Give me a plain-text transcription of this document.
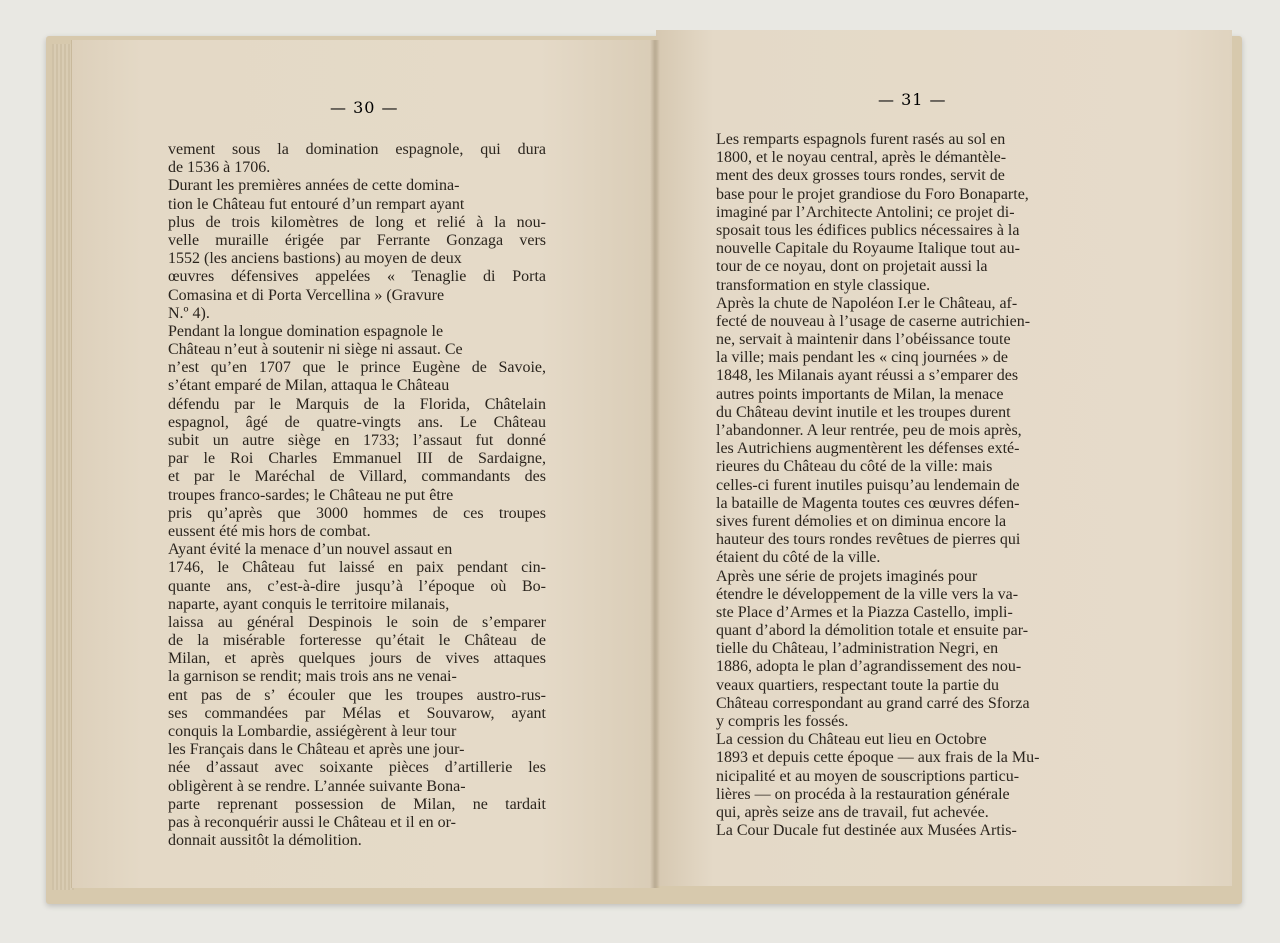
— 30 —	— 31 —
vement sous la domination espagnole, qui dura
de 1536 à 1706.
Durant les premières années de cette domina-
tion le Château fut entouré d’un rempart ayant
plus de trois kilomètres de long et relié à la nou-
velle muraille érigée par Ferrante Gonzaga vers
1552 (les anciens bastions) au moyen de deux
œuvres défensives appelées « Tenaglie di Porta
Comasina et di Porta Vercellina » (Gravure
N.º 4).
Pendant la longue domination espagnole le
Château n’eut à soutenir ni siège ni assaut. Ce
n’est qu’en 1707 que le prince Eugène de Savoie,
s’étant emparé de Milan, attaqua le Château
défendu par le Marquis de la Florida, Châtelain
espagnol, âgé de quatre-vingts ans. Le Château
subit un autre siège en 1733; l’assaut fut donné
par le Roi Charles Emmanuel III de Sardaigne,
et par le Maréchal de Villard, commandants des
troupes franco-sardes; le Château ne put être
pris qu’après que 3000 hommes de ces troupes
eussent été mis hors de combat.
Ayant évité la menace d’un nouvel assaut en
1746, le Château fut laissé en paix pendant cin-
quante ans, c’est-à-dire jusqu’à l’époque où Bo-
naparte, ayant conquis le territoire milanais,
laissa au général Despinois le soin de s’emparer
de la misérable forteresse qu’était le Château de
Milan, et après quelques jours de vives attaques
la garnison se rendit; mais trois ans ne venai-
ent pas de s’ écouler que les troupes austro-rus-
ses commandées par Mélas et Souvarow, ayant
conquis la Lombardie, assiégèrent à leur tour
les Français dans le Château et après une jour-
née d’assaut avec soixante pièces d’artillerie les
obligèrent à se rendre. L’année suivante Bona-
parte reprenant possession de Milan, ne tardait
pas à reconquérir aussi le Château et il en or-
donnait aussitôt la démolition.
Les remparts espagnols furent rasés au sol en
1800, et le noyau central, après le démantèle-
ment des deux grosses tours rondes, servit de
base pour le projet grandiose du Foro Bonaparte,
imaginé par l’Architecte Antolini; ce projet di-
sposait tous les édifices publics nécessaires à la
nouvelle Capitale du Royaume Italique tout au-
tour de ce noyau, dont on projetait aussi la
transformation en style classique.
Après la chute de Napoléon I.er le Château, af-
fecté de nouveau à l’usage de caserne autrichien-
ne, servait à maintenir dans l’obéissance toute
la ville; mais pendant les « cinq journées » de
1848, les Milanais ayant réussi a s’emparer des
autres points importants de Milan, la menace
du Château devint inutile et les troupes durent
l’abandonner. A leur rentrée, peu de mois après,
les Autrichiens augmentèrent les défenses exté-
rieures du Château du côté de la ville: mais
celles-ci furent inutiles puisqu’au lendemain de
la bataille de Magenta toutes ces œuvres défen-
sives furent démolies et on diminua encore la
hauteur des tours rondes revêtues de pierres qui
étaient du côté de la ville.
Après une série de projets imaginés pour
étendre le développement de la ville vers la va-
ste Place d’Armes et la Piazza Castello, impli-
quant d’abord la démolition totale et ensuite par-
tielle du Château, l’administration Negri, en
1886, adopta le plan d’agrandissement des nou-
veaux quartiers, respectant toute la partie du
Château correspondant au grand carré des Sforza
y compris les fossés.
La cession du Château eut lieu en Octobre
1893 et depuis cette époque — aux frais de la Mu-
nicipalité et au moyen de souscriptions particu-
lières — on procéda à la restauration générale
qui, après seize ans de travail, fut achevée.
La Cour Ducale fut destinée aux Musées Artis-
